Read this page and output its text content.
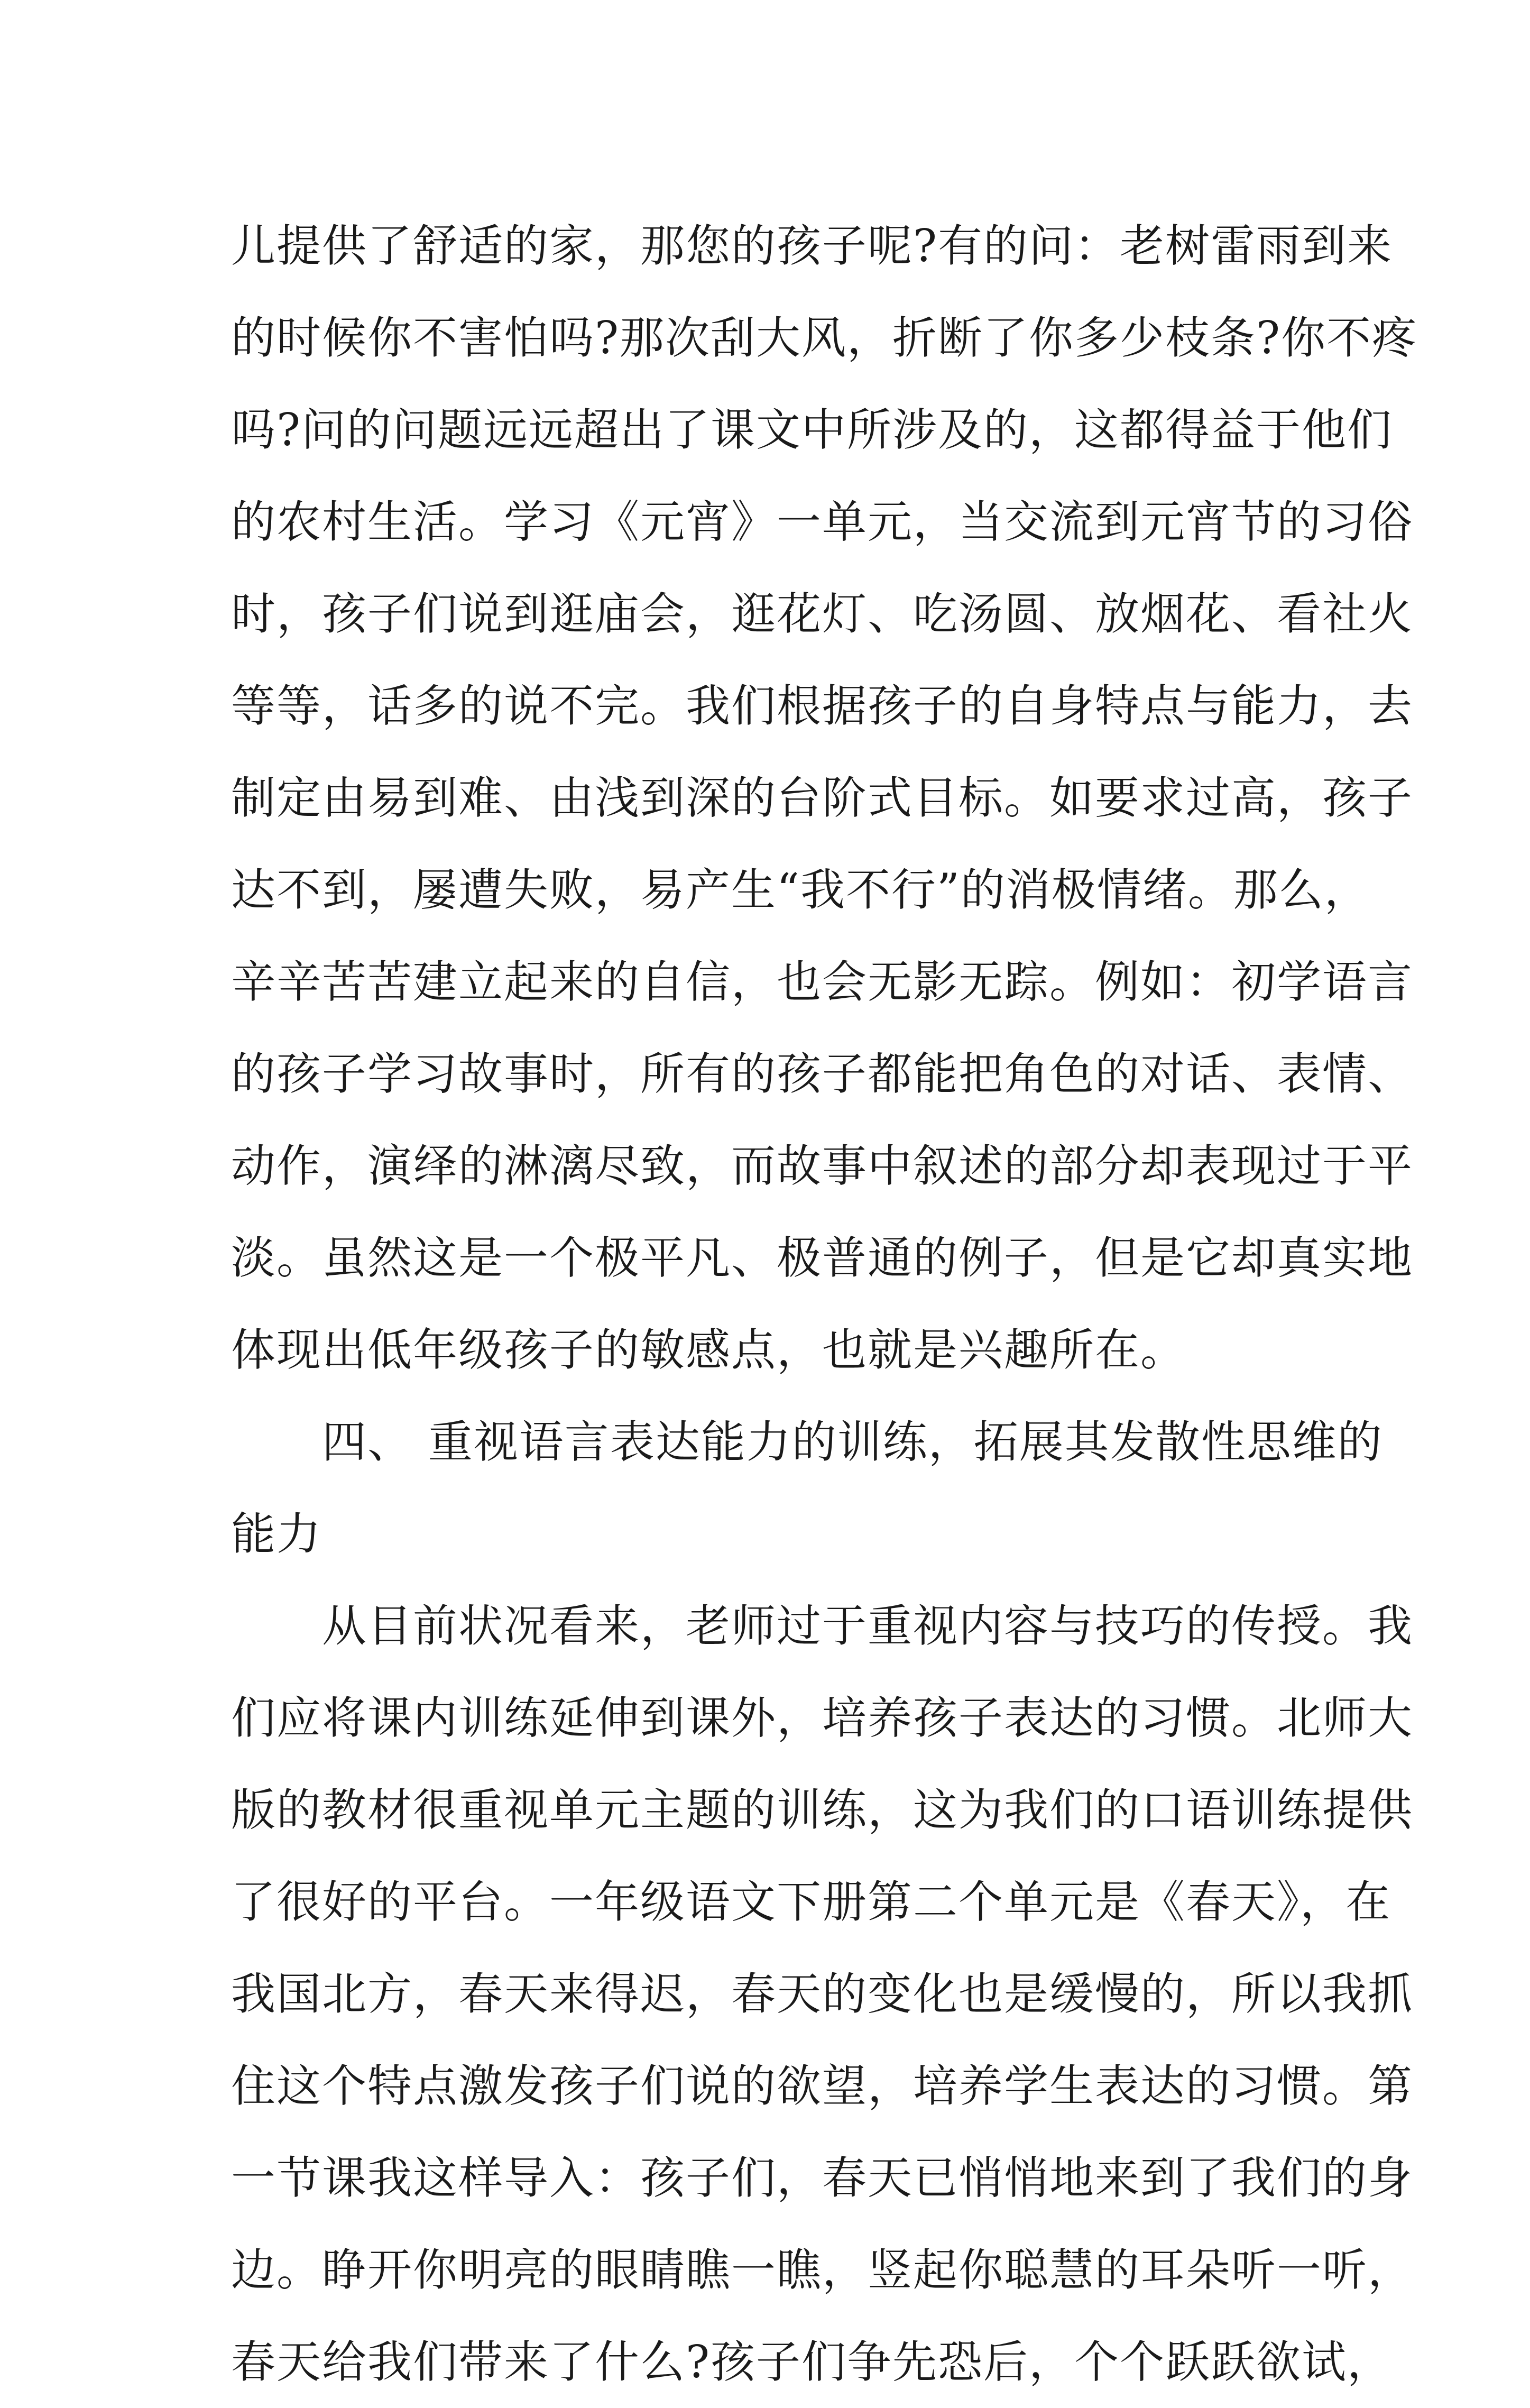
儿提供了舒适的家，那您的孩子呢?有的问：老树雷雨到来
的时候你不害怕吗?那次刮大风，折断了你多少枝条?你不疼
吗?问的问题远远超出了课文中所涉及的，这都得益于他们
的农村生活。学习《元宵》一单元，当交流到元宵节的习俗
时，孩子们说到逛庙会，逛花灯、吃汤圆、放烟花、看社火
等等，话多的说不完。我们根据孩子的自身特点与能力，去
制定由易到难、由浅到深的台阶式目标。如要求过高，孩子
达不到，屡遭失败，易产生“我不行”的消极情绪。那么，
辛辛苦苦建立起来的自信，也会无影无踪。例如：初学语言
的孩子学习故事时，所有的孩子都能把角色的对话、表情、
动作，演绎的淋漓尽致，而故事中叙述的部分却表现过于平
淡。虽然这是一个极平凡、极普通的例子，但是它却真实地
体现出低年级孩子的敏感点，也就是兴趣所在。
　　四、 重视语言表达能力的训练，拓展其发散性思维的
能力
　　从目前状况看来，老师过于重视内容与技巧的传授。我
们应将课内训练延伸到课外，培养孩子表达的习惯。北师大
版的教材很重视单元主题的训练，这为我们的口语训练提供
了很好的平台。一年级语文下册第二个单元是《春天》，在
我国北方，春天来得迟，春天的变化也是缓慢的，所以我抓
住这个特点激发孩子们说的欲望，培养学生表达的习惯。第
一节课我这样导入：孩子们，春天已悄悄地来到了我们的身
边。睁开你明亮的眼睛瞧一瞧，竖起你聪慧的耳朵听一听，
春天给我们带来了什么?孩子们争先恐后，个个跃跃欲试，
